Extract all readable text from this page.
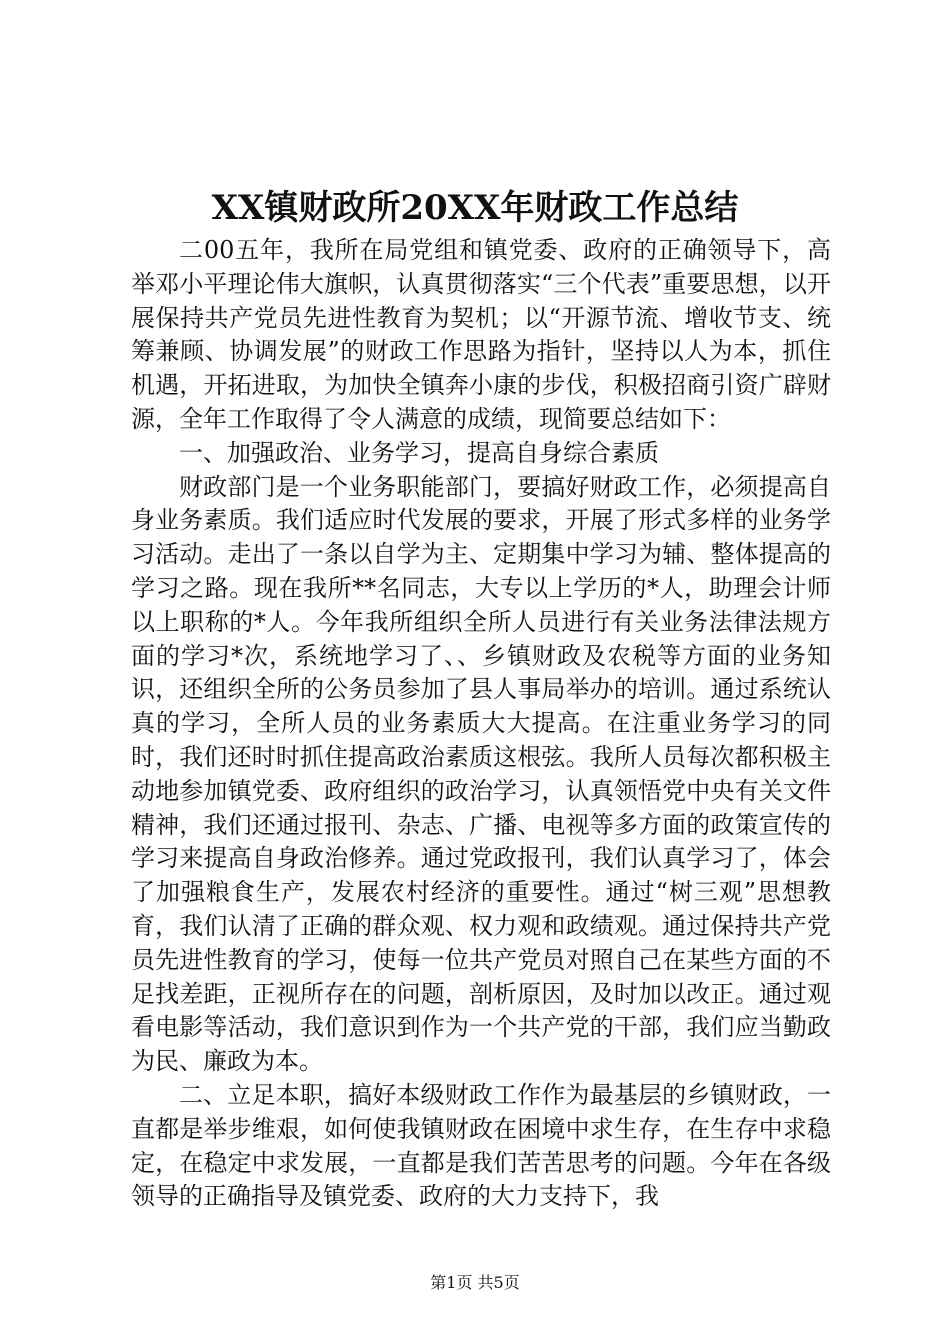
XX镇财政所20XX年财政工作总结

二00五年，我所在局党组和镇党委、政府的正确领导下，高举邓小平理论伟大旗帜，认真贯彻落实“三个代表”重要思想，以开展保持共产党员先进性教育为契机；以“开源节流、增收节支、统筹兼顾、协调发展”的财政工作思路为指针，坚持以人为本，抓住机遇，开拓进取，为加快全镇奔小康的步伐，积极招商引资广辟财源，全年工作取得了令人满意的成绩，现简要总结如下：

一、加强政治、业务学习，提高自身综合素质

财政部门是一个业务职能部门，要搞好财政工作，必须提高自身业务素质。我们适应时代发展的要求，开展了形式多样的业务学习活动。走出了一条以自学为主、定期集中学习为辅、整体提高的学习之路。现在我所**名同志，大专以上学历的*人，助理会计师以上职称的*人。今年我所组织全所人员进行有关业务法律法规方面的学习*次，系统地学习了、、乡镇财政及农税等方面的业务知识，还组织全所的公务员参加了县人事局举办的培训。通过系统认真的学习，全所人员的业务素质大大提高。在注重业务学习的同时，我们还时时抓住提高政治素质这根弦。我所人员每次都积极主动地参加镇党委、政府组织的政治学习，认真领悟党中央有关文件精神，我们还通过报刊、杂志、广播、电视等多方面的政策宣传的学习来提高自身政治修养。通过党政报刊，我们认真学习了，体会了加强粮食生产，发展农村经济的重要性。通过“树三观”思想教育，我们认清了正确的群众观、权力观和政绩观。通过保持共产党员先进性教育的学习，使每一位共产党员对照自己在某些方面的不足找差距，正视所存在的问题，剖析原因，及时加以改正。通过观看电影等活动，我们意识到作为一个共产党的干部，我们应当勤政为民、廉政为本。

二、立足本职，搞好本级财政工作作为最基层的乡镇财政，一直都是举步维艰，如何使我镇财政在困境中求生存，在生存中求稳定，在稳定中求发展，一直都是我们苦苦思考的问题。今年在各级领导的正确指导及镇党委、政府的大力支持下，我

第1页 共5页
